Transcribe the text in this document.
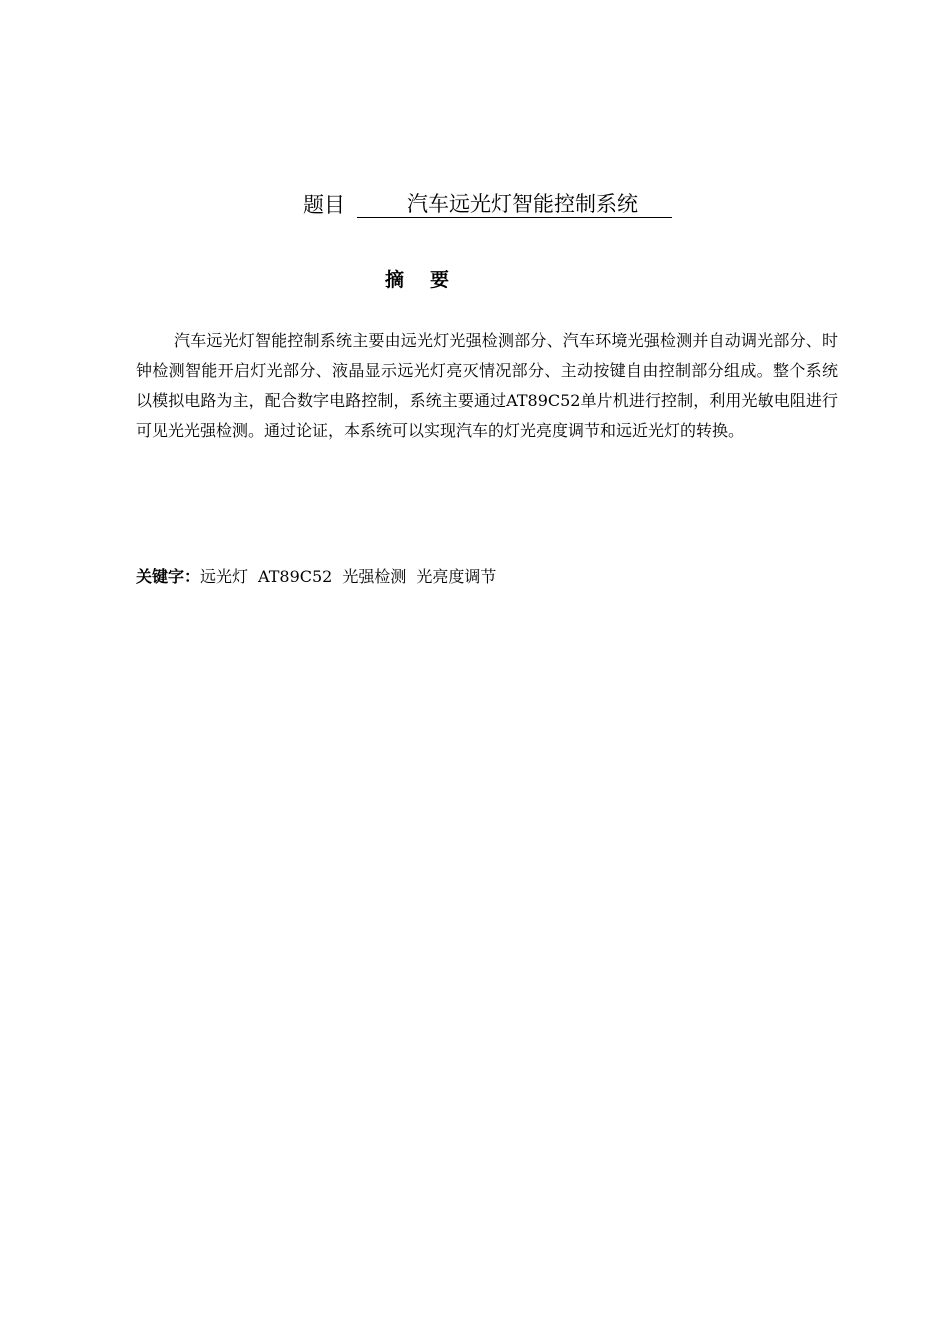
题目	汽车远光灯智能控制系统
摘要

汽车远光灯智能控制系统主要由远光灯光强检测部分、汽车环境光强检测并自动调光部分、时钟检测智能开启灯光部分、液晶显示远光灯亮灭情况部分、主动按键自由控制部分组成。整个系统以模拟电路为主，配合数字电路控制，系统主要通过AT89C52单片机进行控制，利用光敏电阻进行可见光光强检测。通过论证，本系统可以实现汽车的灯光亮度调节和远近光灯的转换。

关键字：远光灯 AT89C52 光强检测 光亮度调节
